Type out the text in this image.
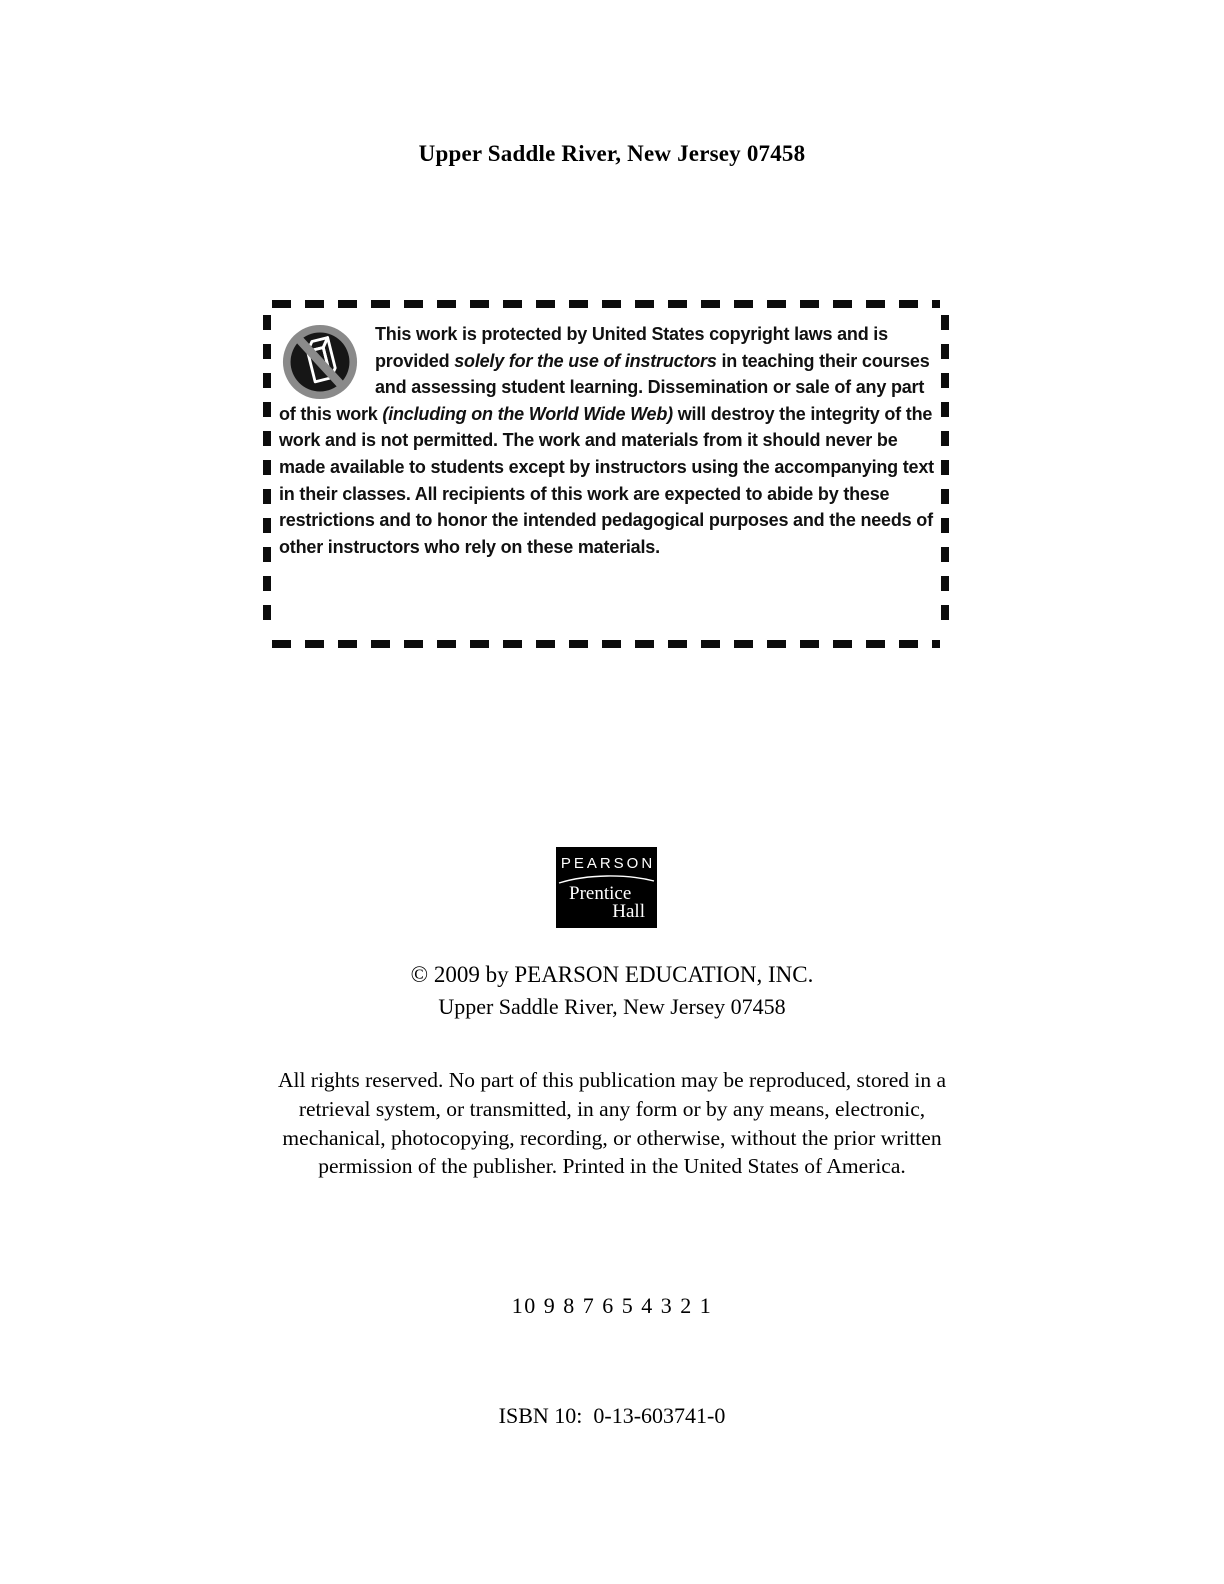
Upper Saddle River, New Jersey 07458

This work is protected by United States copyright laws and is provided solely for the use of instructors in teaching their courses and assessing student learning. Dissemination or sale of any part of this work (including on the World Wide Web) will destroy the integrity of the work and is not permitted. The work and materials from it should never be made available to students except by instructors using the accompanying text in their classes. All recipients of this work are expected to abide by these restrictions and to honor the intended pedagogical purposes and the needs of other instructors who rely on these materials.

PEARSON
Prentice
Hall
© 2009 by PEARSON EDUCATION, INC.
Upper Saddle River, New Jersey 07458
All rights reserved. No part of this publication may be reproduced, stored in a
retrieval system, or transmitted, in any form or by any means, electronic,
mechanical, photocopying, recording, or otherwise, without the prior written
permission of the publisher. Printed in the United States of America.
10 9 8 7 6 5 4 3 2 1
ISBN 10:  0-13-603741-0
